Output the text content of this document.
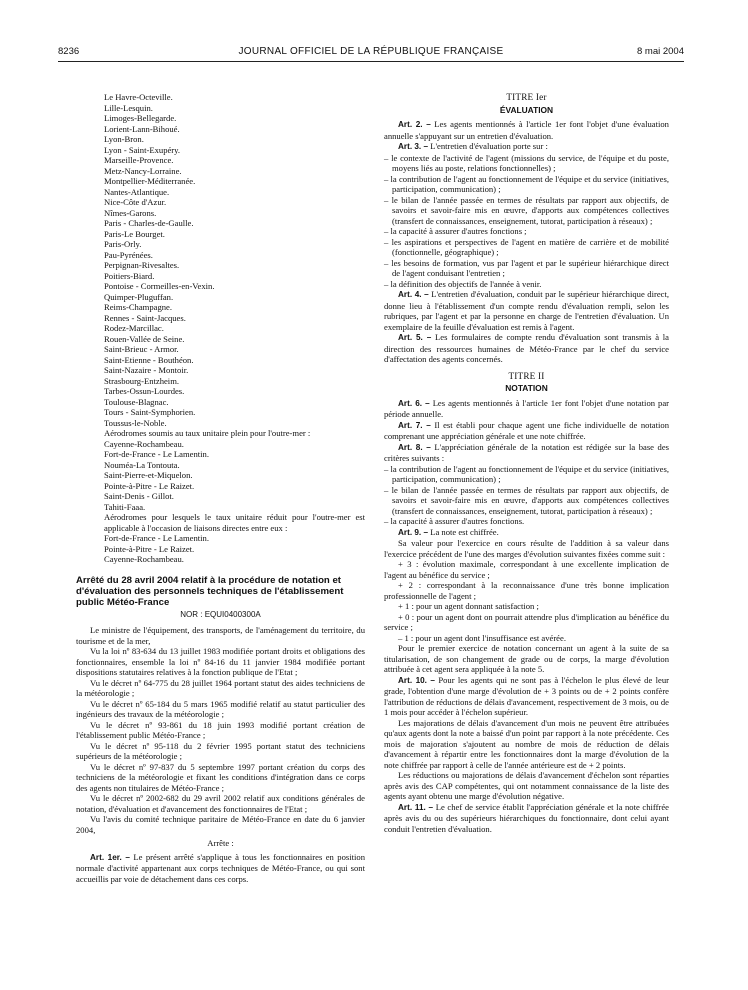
8236	JOURNAL OFFICIEL DE LA RÉPUBLIQUE FRANÇAISE	8 mai 2004

Le Havre-Octeville.

Lille-Lesquin.

Limoges-Bellegarde.

Lorient-Lann-Bihoué.

Lyon-Bron.

Lyon - Saint-Exupéry.

Marseille-Provence.

Metz-Nancy-Lorraine.

Montpellier-Méditerranée.

Nantes-Atlantique.

Nice-Côte d'Azur.

Nîmes-Garons.

Paris - Charles-de-Gaulle.

Paris-Le Bourget.

Paris-Orly.

Pau-Pyrénées.

Perpignan-Rivesaltes.

Poitiers-Biard.

Pontoise - Cormeilles-en-Vexin.

Quimper-Pluguffan.

Reims-Champagne.

Rennes - Saint-Jacques.

Rodez-Marcillac.

Rouen-Vallée de Seine.

Saint-Brieuc - Armor.

Saint-Etienne - Bouthéon.

Saint-Nazaire - Montoir.

Strasbourg-Entzheim.

Tarbes-Ossun-Lourdes.

Toulouse-Blagnac.

Tours - Saint-Symphorien.

Toussus-le-Noble.

Aérodromes soumis au taux unitaire plein pour l'outre-mer :

Cayenne-Rochambeau.

Fort-de-France - Le Lamentin.

Nouméa-La Tontouta.

Saint-Pierre-et-Miquelon.

Pointe-à-Pitre - Le Raizet.

Saint-Denis - Gillot.

Tahiti-Faaa.

Aérodromes pour lesquels le taux unitaire réduit pour l'outre-mer est applicable à l'occasion de liaisons directes entre eux :

Fort-de-France - Le Lamentin.

Pointe-à-Pitre - Le Raizet.

Cayenne-Rochambeau.

Arrêté du 28 avril 2004 relatif à la procédure de notation et d'évaluation des personnels techniques de l'établissement public Météo-France

NOR : EQUI0400300A

Le ministre de l'équipement, des transports, de l'aménagement du territoire, du tourisme et de la mer,

Vu la loi nº 83-634 du 13 juillet 1983 modifiée portant droits et obligations des fonctionnaires, ensemble la loi nº 84-16 du 11 janvier 1984 modifiée portant dispositions statutaires relatives à la fonction publique de l'Etat ;

Vu le décret nº 64-775 du 28 juillet 1964 portant statut des aides techniciens de la météorologie ;

Vu le décret nº 65-184 du 5 mars 1965 modifié relatif au statut particulier des ingénieurs des travaux de la météorologie ;

Vu le décret nº 93-861 du 18 juin 1993 modifié portant création de l'établissement public Météo-France ;

Vu le décret nº 95-118 du 2 février 1995 portant statut des techniciens supérieurs de la météorologie ;

Vu le décret nº 97-837 du 5 septembre 1997 portant création du corps des techniciens de la météorologie et fixant les conditions d'intégration dans ce corps des agents non titulaires de Météo-France ;

Vu le décret nº 2002-682 du 29 avril 2002 relatif aux conditions générales de notation, d'évaluation et d'avancement des fonctionnaires de l'Etat ;

Vu l'avis du comité technique paritaire de Météo-France en date du 6 janvier 2004,

Arrête :

Art. 1er. – Le présent arrêté s'applique à tous les fonctionnaires en position normale d'activité appartenant aux corps techniques de Météo-France, ou qui sont accueillis par voie de détachement dans ces corps.

TITRE Ier

ÉVALUATION

Art. 2. – Les agents mentionnés à l'article 1er font l'objet d'une évaluation annuelle s'appuyant sur un entretien d'évaluation.

Art. 3. – L'entretien d'évaluation porte sur :

– le contexte de l'activité de l'agent (missions du service, de l'équipe et du poste, moyens liés au poste, relations fonctionnelles) ;

– la contribution de l'agent au fonctionnement de l'équipe et du service (initiatives, participation, communication) ;

– le bilan de l'année passée en termes de résultats par rapport aux objectifs, de savoirs et savoir-faire mis en œuvre, d'apports aux compétences collectives (transfert de connaissances, enseignement, tutorat, participation à réseaux) ;

– la capacité à assurer d'autres fonctions ;

– les aspirations et perspectives de l'agent en matière de carrière et de mobilité (fonctionnelle, géographique) ;

– les besoins de formation, vus par l'agent et par le supérieur hiérarchique direct de l'agent conduisant l'entretien ;

– la définition des objectifs de l'année à venir.

Art. 4. – L'entretien d'évaluation, conduit par le supérieur hiérarchique direct, donne lieu à l'établissement d'un compte rendu d'évaluation rempli, selon les rubriques, par l'agent et par la personne en charge de l'entretien d'évaluation. Un exemplaire de la feuille d'évaluation est remis à l'agent.

Art. 5. – Les formulaires de compte rendu d'évaluation sont transmis à la direction des ressources humaines de Météo-France par le chef du service d'affectation des agents concernés.

TITRE II

NOTATION

Art. 6. – Les agents mentionnés à l'article 1er font l'objet d'une notation par période annuelle.

Art. 7. – Il est établi pour chaque agent une fiche individuelle de notation comprenant une appréciation générale et une note chiffrée.

Art. 8. – L'appréciation générale de la notation est rédigée sur la base des critères suivants :

– la contribution de l'agent au fonctionnement de l'équipe et du service (initiatives, participation, communication) ;

– le bilan de l'année passée en termes de résultats par rapport aux objectifs, de savoirs et savoir-faire mis en œuvre, d'apports aux compétences collectives (transfert de connaissances, enseignement, tutorat, participation à réseaux) ;

– la capacité à assurer d'autres fonctions.

Art. 9. – La note est chiffrée.

Sa valeur pour l'exercice en cours résulte de l'addition à sa valeur dans l'exercice précédent de l'une des marges d'évolution suivantes fixées comme suit :

+ 3 : évolution maximale, correspondant à une excellente implication de l'agent au bénéfice du service ;

+ 2 : correspondant à la reconnaissance d'une très bonne implication professionnelle de l'agent ;

+ 1 : pour un agent donnant satisfaction ;

+ 0 : pour un agent dont on pourrait attendre plus d'implication au bénéfice du service ;

– 1 : pour un agent dont l'insuffisance est avérée.

Pour le premier exercice de notation concernant un agent à la suite de sa titularisation, de son changement de grade ou de corps, la marge d'évolution attribuée à cet agent sera appliquée à la note 5.

Art. 10. – Pour les agents qui ne sont pas à l'échelon le plus élevé de leur grade, l'obtention d'une marge d'évolution de + 3 points ou de + 2 points confère l'attribution de réductions de délais d'avancement, respectivement de 3 mois, ou de 1 mois pour accéder à l'échelon supérieur.

Les majorations de délais d'avancement d'un mois ne peuvent être attribuées qu'aux agents dont la note a baissé d'un point par rapport à la note précédente. Ces mois de majoration s'ajoutent au nombre de mois de réduction de délais d'avancement à répartir entre les fonctionnaires dont la marge d'évolution de la note chiffrée par rapport à celle de l'année antérieure est de + 2 points.

Les réductions ou majorations de délais d'avancement d'échelon sont réparties après avis des CAP compétentes, qui ont notamment connaissance de la liste des agents ayant obtenu une marge d'évolution négative.

Art. 11. – Le chef de service établit l'appréciation générale et la note chiffrée après avis du ou des supérieurs hiérarchiques du fonctionnaire, dont celui ayant conduit l'entretien d'évaluation.
